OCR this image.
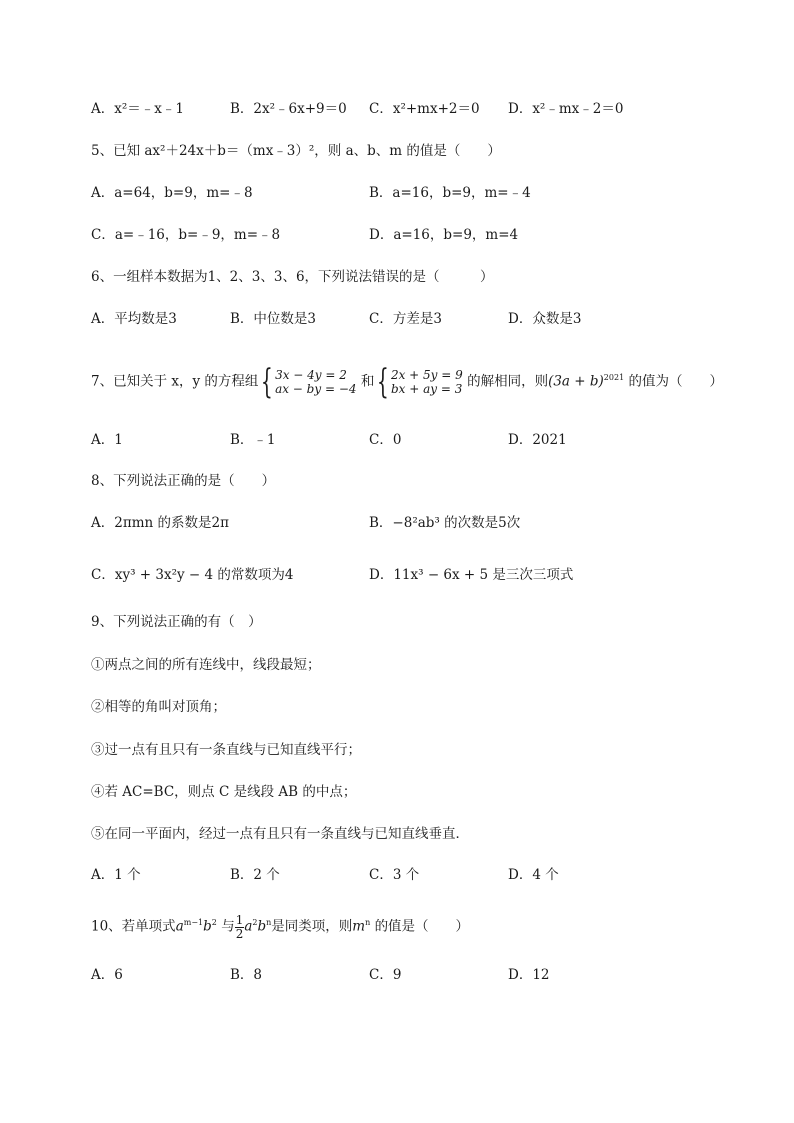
A．x²＝﹣x﹣1	B．2x²﹣6x+9＝0 C．x²+mx+2＝0 D．x²﹣mx﹣2＝0
5、已知 ax²＋24x＋b＝（mx﹣3）²，则 a、b、m 的值是（　　）
A．a=64，b=9，m=﹣8	B．a=16，b=9，m=﹣4
C．a=﹣16，b=﹣9，m=﹣8	D．a=16，b=9，m=4
6、一组样本数据为1、2、3、3、6，下列说法错误的是（　　　）
A．平均数是3	B．中位数是3	C．方差是3	D．众数是3
7、已知关于 x，y 的方程组{ 3x − 4y = 2
ax − by = −4 和{ 2x + 5y = 9
bx + ay = 3 的解相同，则$(3a + b)^{2021}$ 的值为（　　）
A．1	B．﹣1	C．0	D．2021
8、下列说法正确的是（　　）
A．2πmn 的系数是2π	B．−8²ab³ 的次数是5次
C．xy³ + 3x²y − 4 的常数项为4	D．11x³ − 6x + 5 是三次三项式
9、下列说法正确的有（　）
①两点之间的所有连线中，线段最短；
②相等的角叫对顶角；
③过一点有且只有一条直线与已知直线平行；
④若 AC=BC，则点 C 是线段 AB 的中点；
⑤在同一平面内，经过一点有且只有一条直线与已知直线垂直．
A．1 个	B．2 个	C．3 个	D．4 个
10、若单项式$a^{m-1}b^2$ 与 $\frac{1}{2} a^2b^n$是同类项，则$m^n$ 的值是（　　）
A．6	B．8	C．9	D．12
